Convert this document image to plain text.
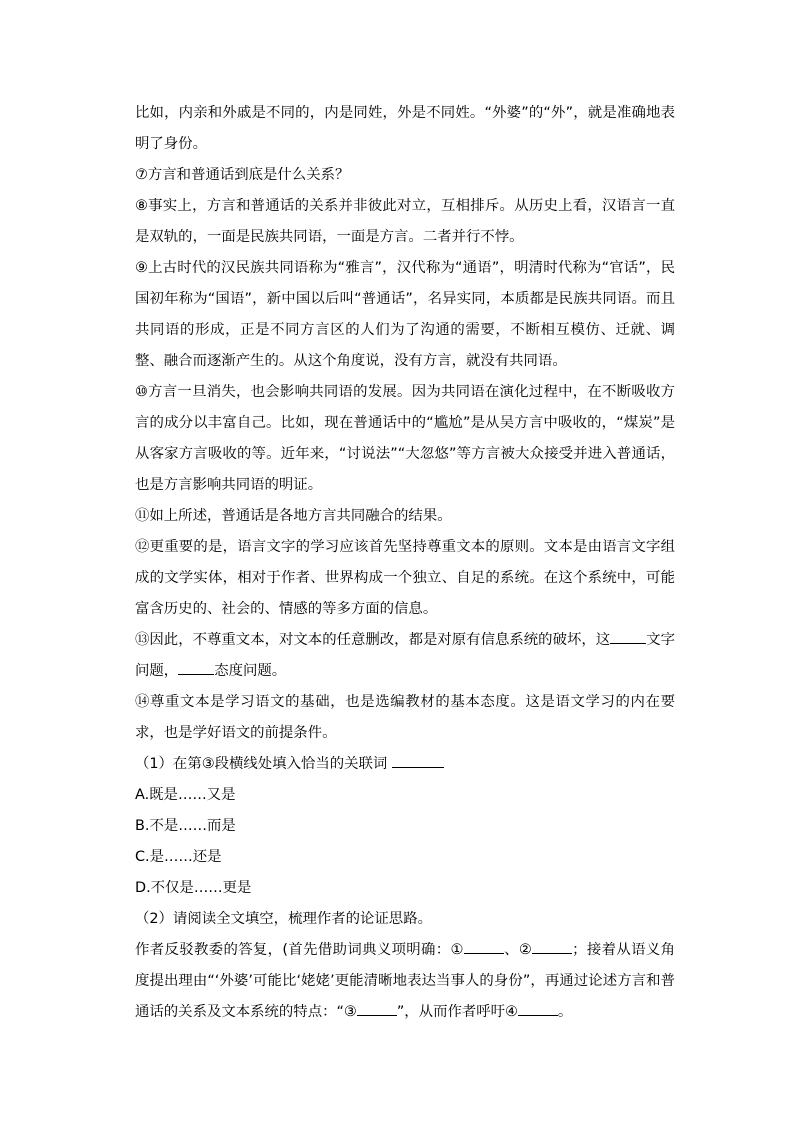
比如，内亲和外戚是不同的，内是同姓，外是不同姓。“外婆”的“外”，就是准确地表明了身份。

⑦方言和普通话到底是什么关系？

⑧事实上，方言和普通话的关系并非彼此对立，互相排斥。从历史上看，汉语言一直是双轨的，一面是民族共同语，一面是方言。二者并行不悖。

⑨上古时代的汉民族共同语称为“雅言”，汉代称为“通语”，明清时代称为“官话”，民国初年称为“国语”，新中国以后叫“普通话”，名异实同，本质都是民族共同语。而且共同语的形成，正是不同方言区的人们为了沟通的需要，不断相互模仿、迁就、调整、融合而逐渐产生的。从这个角度说，没有方言，就没有共同语。

⑩方言一旦消失，也会影响共同语的发展。因为共同语在演化过程中，在不断吸收方言的成分以丰富自己。比如，现在普通话中的“尴尬”是从吴方言中吸收的，“煤炭”是从客家方言吸收的等。近年来，“讨说法”“大忽悠”等方言被大众接受并进入普通话，也是方言影响共同语的明证。

⑪如上所述，普通话是各地方言共同融合的结果。

⑫更重要的是，语言文字的学习应该首先坚持尊重文本的原则。文本是由语言文字组成的文学实体，相对于作者、世界构成一个独立、自足的系统。在这个系统中，可能富含历史的、社会的、情感的等多方面的信息。

⑬因此，不尊重文本，对文本的任意删改，都是对原有信息系统的破坏，这	文字问题，	态度问题。

⑭尊重文本是学习语文的基础，也是选编教材的基本态度。这是语文学习的内在要求，也是学好语文的前提条件。

（1）在第③段横线处填入恰当的关联词

A.既是……又是

B.不是……而是

C.是……还是

D.不仅是……更是

（2）请阅读全文填空，梳理作者的论证思路。

作者反驳教委的答复，(首先借助词典义项明确：①	、②	；接着从语义角度提出理由“‘外婆’可能比‘姥姥’更能清晰地表达当事人的身份”，再通过论述方言和普通话的关系及文本系统的特点：“③	”，从而作者呼吁④	。
